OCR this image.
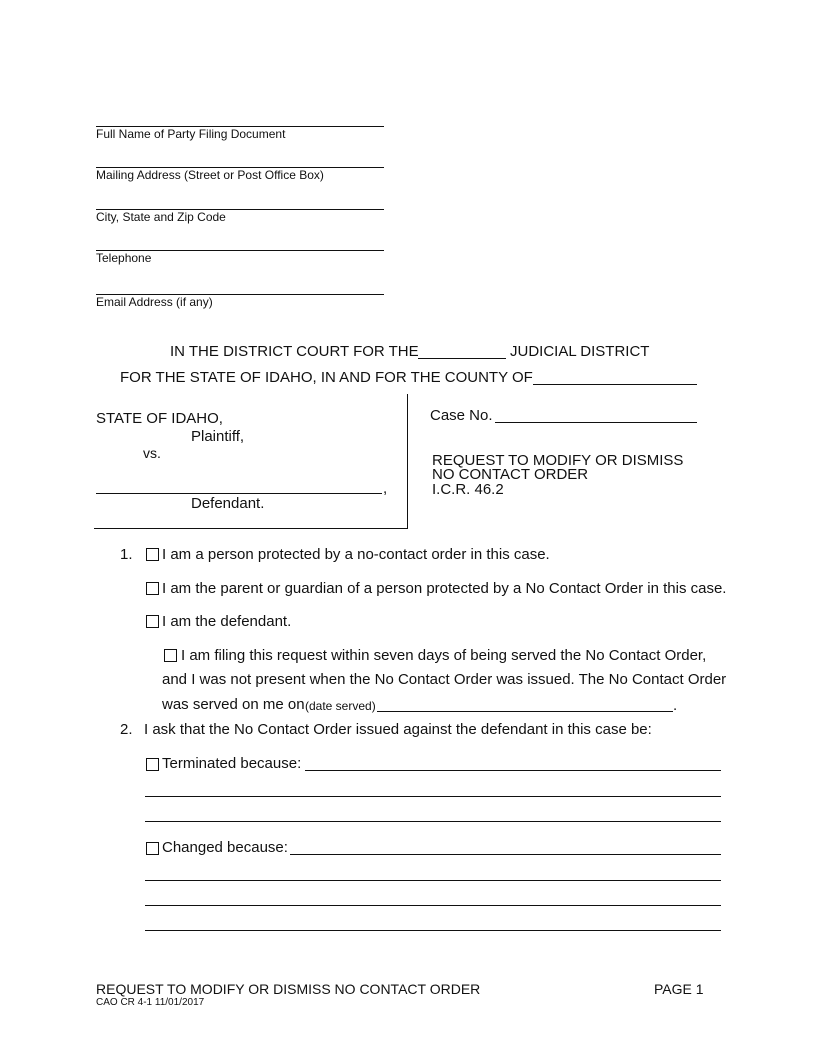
Full Name of Party Filing Document
Mailing Address (Street or Post Office Box)
City, State and Zip Code
Telephone
Email Address (if any)
IN THE DISTRICT COURT FOR THE	JUDICIAL DISTRICT
FOR THE STATE OF IDAHO, IN AND FOR THE COUNTY OF
STATE OF IDAHO,
Plaintiff,
vs.
,
Defendant.
Case No.
REQUEST TO MODIFY OR DISMISS
NO CONTACT ORDER
I.C.R. 46.2
1. I am a person protected by a no-contact order in this case.
I am the parent or guardian of a person protected by a No Contact Order in this case.
I am the defendant.
I am filing this request within seven days of being served the No Contact Order,
and I was not present when the No Contact Order was issued. The No Contact Order
was served on me on (date served)	.
2. I ask that the No Contact Order issued against the defendant in this case be:
Terminated because:
Changed because:
REQUEST TO MODIFY OR DISMISS NO CONTACT ORDER
CAO CR 4-1 11/01/2017
PAGE 1
